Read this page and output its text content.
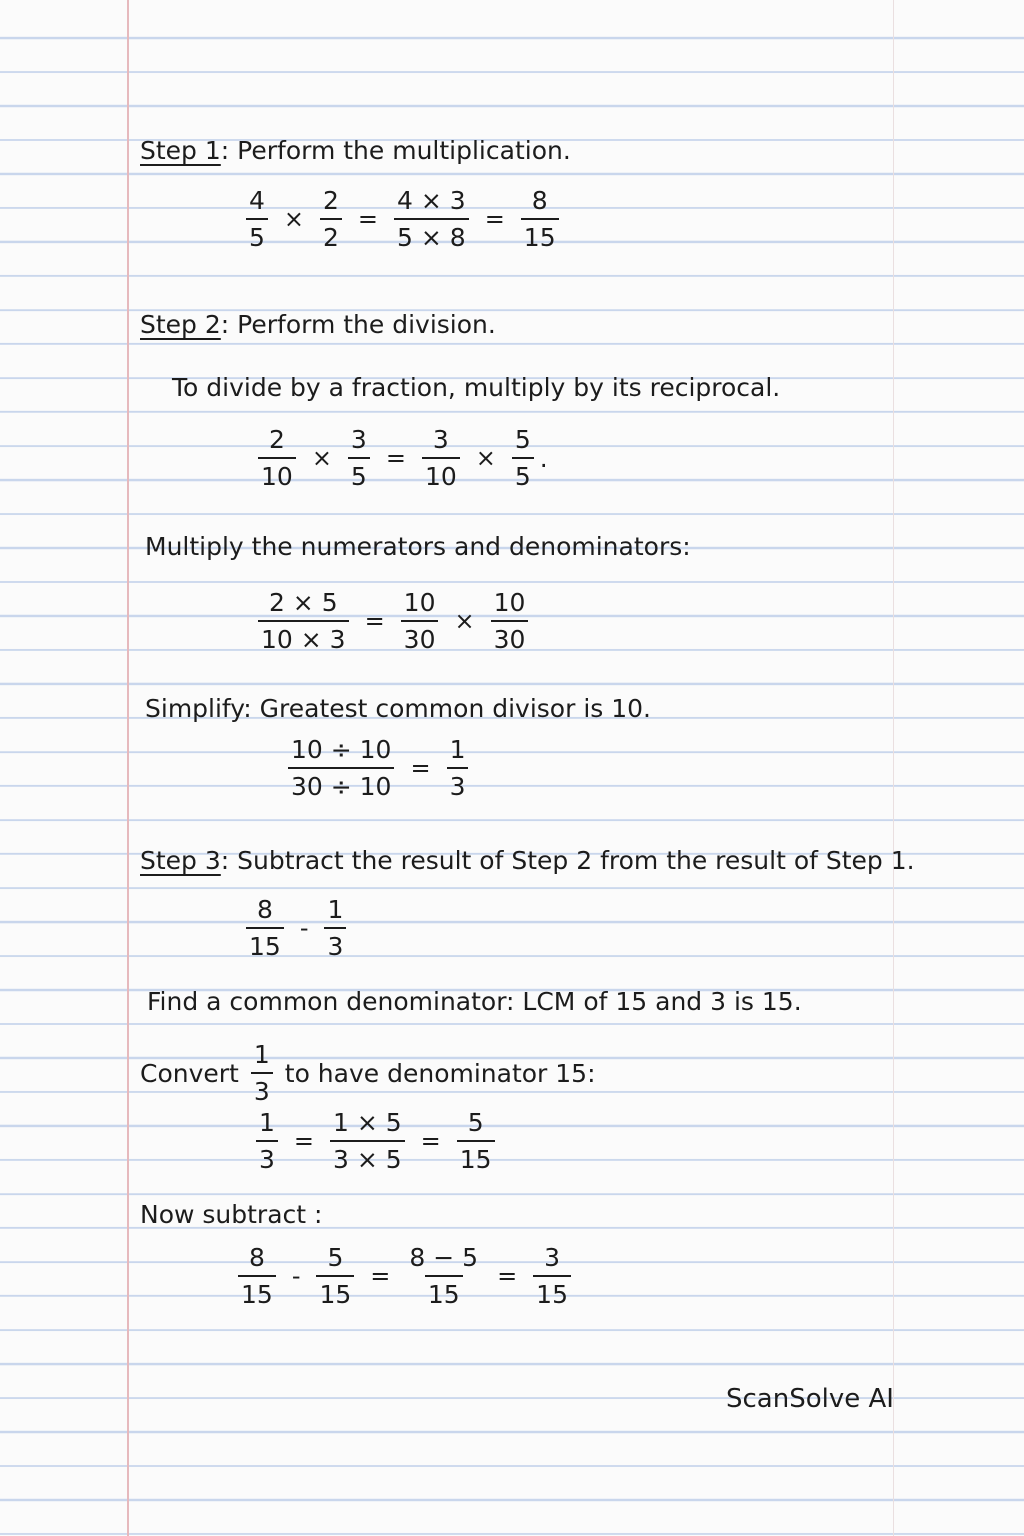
Step 1: Perform the multiplication.
$\frac{4}{5} \times \frac{2}{2} = \frac{4 \times 3}{5 \times 8} = \frac{8}{15}$
Step 2: Perform the division.
To divide by a fraction, multiply by its reciprocal.
$\frac{2}{10} \times \frac{3}{5} = \frac{3}{10} \times \frac{5}{5}$ .
Multiply the numerators and denominators:
$\frac{2 \times 5}{10 \times 3} = \frac{10}{30} \times \frac{10}{30}$
Simplify: Greatest common divisor is 10.
$\frac{10 \div 10}{30 \div 10} = \frac{1}{3}$
Step 3: Subtract the result of Step 2 from the result of Step 1.
$\frac{8}{15} - \frac{1}{3}$
Find a common denominator: LCM of 15 and 3 is 15.
Convert $\frac{1}{3}$ to have denominator 15:
$\frac{1}{3} = \frac{1 \times 5}{3 \times 5} = \frac{5}{15}$
Now subtract :
$\frac{8}{15} - \frac{5}{15} = \frac{8 - 5}{15} = \frac{3}{15}$
ScanSolve AI
